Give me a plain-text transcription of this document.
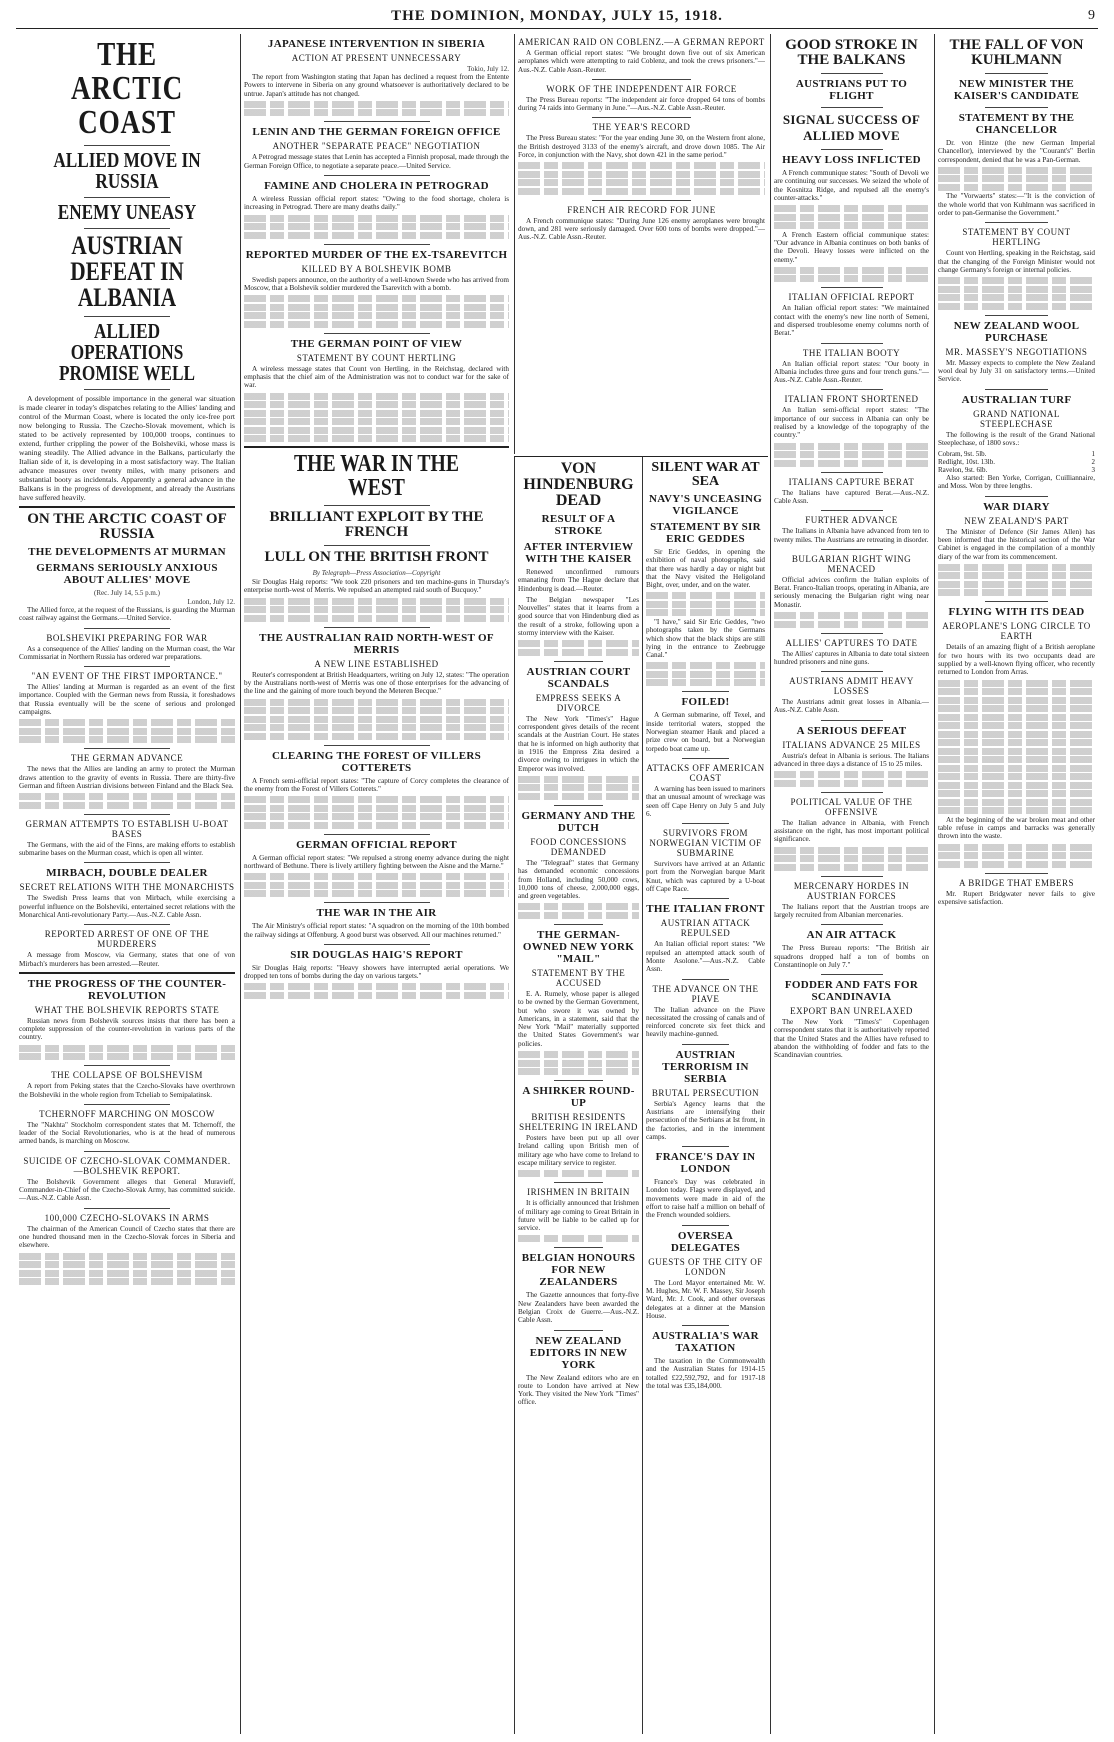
THE DOMINION, MONDAY, JULY 15, 1918.	9
THE ARCTIC COAST
ALLIED MOVE IN RUSSIA
ENEMY UNEASY
AUSTRIAN DEFEAT IN ALBANIA
ALLIED OPERATIONS PROMISE WELL

A development of possible importance in the general war situation is made clearer in today's dispatches relating to the Allies' landing and control of the Murman Coast, where is located the only ice-free port now belonging to Russia. The Czecho-Slovak movement, which is stated to be actively represented by 100,000 troops, continues to extend, further crippling the power of the Bolsheviki, whose mass is waning steadily. The Allied advance in the Balkans, particularly the Italian side of it, is developing in a most satisfactory way. The Italian advance measures over twenty miles, with many prisoners and substantial booty as incidentals. Apparently a general advance in the Balkans is in the progress of development, and already the Austrians have suffered heavily.

ON THE ARCTIC COAST OF RUSSIA
THE DEVELOPMENTS AT MURMAN
GERMANS SERIOUSLY ANXIOUS ABOUT ALLIES' MOVE
(Rec. July 14, 5.5 p.m.)
London, July 12.

The Allied force, at the request of the Russians, is guarding the Murman coast railway against the Germans.—United Service.

BOLSHEVIKI PREPARING FOR WAR

As a consequence of the Allies' landing on the Murman coast, the War Commissariat in Northern Russia has ordered war preparations.

"AN EVENT OF THE FIRST IMPORTANCE."

The Allies' landing at Murman is regarded as an event of the first importance. Coupled with the German news from Russia, it foreshadows that Russia eventually will be the scene of serious and prolonged campaigns.

THE GERMAN ADVANCE

The news that the Allies are landing an army to protect the Murman draws attention to the gravity of events in Russia. There are thirty-five German and fifteen Austrian divisions between Finland and the Black Sea.

GERMAN ATTEMPTS TO ESTABLISH U-BOAT BASES

The Germans, with the aid of the Finns, are making efforts to establish submarine bases on the Murman coast, which is open all winter.

MIRBACH, DOUBLE DEALER
SECRET RELATIONS WITH THE MONARCHISTS

The Swedish Press learns that von Mirbach, while exercising a powerful influence on the Bolsheviki, entertained secret relations with the Monarchical Anti-revolutionary Party.—Aus.-N.Z. Cable Assn.

REPORTED ARREST OF ONE OF THE MURDERERS

A message from Moscow, via Germany, states that one of von Mirbach's murderers has been arrested.—Reuter.

THE PROGRESS OF THE COUNTER-REVOLUTION
WHAT THE BOLSHEVIK REPORTS STATE

Russian news from Bolshevik sources insists that there has been a complete suppression of the counter-revolution in various parts of the country.

THE COLLAPSE OF BOLSHEVISM

A report from Peking states that the Czecho-Slovaks have overthrown the Bolsheviki in the whole region from Tcheliab to Semipalatinsk.

TCHERNOFF MARCHING ON MOSCOW

The "Nakhta" Stockholm correspondent states that M. Tchernoff, the leader of the Social Revolutionaries, who is at the head of numerous armed bands, is marching on Moscow.

SUICIDE OF CZECHO-SLOVAK COMMANDER.—BOLSHEVIK REPORT.

The Bolshevik Government alleges that General Muravieff, Commander-in-Chief of the Czecho-Slovak Army, has committed suicide.—Aus.-N.Z. Cable Assn.

100,000 CZECHO-SLOVAKS IN ARMS

The chairman of the American Council of Czecho states that there are one hundred thousand men in the Czecho-Slovak forces in Siberia and elsewhere.

JAPANESE INTERVENTION IN SIBERIA
ACTION AT PRESENT UNNECESSARY
Tokio, July 12.

The report from Washington stating that Japan has declined a request from the Entente Powers to intervene in Siberia on any ground whatsoever is authoritatively declared to be untrue. Japan's attitude has not changed.

LENIN AND THE GERMAN FOREIGN OFFICE
ANOTHER "SEPARATE PEACE" NEGOTIATION

A Petrograd message states that Lenin has accepted a Finnish proposal, made through the German Foreign Office, to negotiate a separate peace.—United Service.

FAMINE AND CHOLERA IN PETROGRAD

A wireless Russian official report states: "Owing to the food shortage, cholera is increasing in Petrograd. There are many deaths daily."

REPORTED MURDER OF THE EX-TSAREVITCH
KILLED BY A BOLSHEVIK BOMB

Swedish papers announce, on the authority of a well-known Swede who has arrived from Moscow, that a Bolshevik soldier murdered the Tsarevitch with a bomb.

THE GERMAN POINT OF VIEW
STATEMENT BY COUNT HERTLING

A wireless message states that Count von Hertling, in the Reichstag, declared with emphasis that the chief aim of the Administration was not to conduct war for the sake of war.

THE WAR IN THE WEST
BRILLIANT EXPLOIT BY THE FRENCH
LULL ON THE BRITISH FRONT
By Telegraph—Press Association—Copyright

Sir Douglas Haig reports: "We took 220 prisoners and ten machine-guns in Thursday's enterprise north-west of Merris. We repulsed an attempted raid south of Bucquoy."

THE AUSTRALIAN RAID NORTH-WEST OF MERRIS
A NEW LINE ESTABLISHED

Reuter's correspondent at British Headquarters, writing on July 12, states: "The operation by the Australians north-west of Merris was one of those enterprises for the advancing of the line and the gaining of more touch beyond the Meteren Becque."

CLEARING THE FOREST OF VILLERS COTTERETS

A French semi-official report states: "The capture of Corcy completes the clearance of the enemy from the Forest of Villers Cotterets."

GERMAN OFFICIAL REPORT

A German official report states: "We repulsed a strong enemy advance during the night northward of Bethune. There is lively artillery fighting between the Aisne and the Marne."

THE WAR IN THE AIR

The Air Ministry's official report states: "A squadron on the morning of the 10th bombed the railway sidings at Offenburg. A good burst was observed. All our machines returned."

SIR DOUGLAS HAIG'S REPORT

Sir Douglas Haig reports: "Heavy showers have interrupted aerial operations. We dropped ten tons of bombs during the day on various targets."

AMERICAN RAID ON COBLENZ.—A GERMAN REPORT

A German official report states: "We brought down five out of six American aeroplanes which were attempting to raid Coblenz, and took the crews prisoners."—Aus.-N.Z. Cable Assn.-Reuter.

WORK OF THE INDEPENDENT AIR FORCE

The Press Bureau reports: "The independent air force dropped 64 tons of bombs during 74 raids into Germany in June."—Aus.-N.Z. Cable Assn.-Reuter.

THE YEAR'S RECORD

The Press Bureau states: "For the year ending June 30, on the Western front alone, the British destroyed 3133 of the enemy's aircraft, and drove down 1085. The Air Force, in conjunction with the Navy, shot down 421 in the same period."

FRENCH AIR RECORD FOR JUNE

A French communique states: "During June 126 enemy aeroplanes were brought down, and 281 were seriously damaged. Over 600 tons of bombs were dropped."—Aus.-N.Z. Cable Assn.-Reuter.

VON HINDENBURG DEAD
RESULT OF A STROKE
AFTER INTERVIEW WITH THE KAISER

Renewed unconfirmed rumours emanating from The Hague declare that Hindenburg is dead.—Reuter.

The Belgian newspaper "Les Nouvelles" states that it learns from a good source that von Hindenburg died as the result of a stroke, following upon a stormy interview with the Kaiser.

AUSTRIAN COURT SCANDALS
EMPRESS SEEKS A DIVORCE

The New York "Times's" Hague correspondent gives details of the recent scandals at the Austrian Court. He states that he is informed on high authority that in 1916 the Empress Zita desired a divorce owing to intrigues in which the Emperor was involved.

GERMANY AND THE DUTCH
FOOD CONCESSIONS DEMANDED

The "Telegraaf" states that Germany has demanded economic concessions from Holland, including 50,000 cows, 10,000 tons of cheese, 2,000,000 eggs, and green vegetables.

THE GERMAN-OWNED NEW YORK "MAIL"
STATEMENT BY THE ACCUSED

E. A. Rumely, whose paper is alleged to be owned by the German Government, but who swore it was owned by Americans, in a statement, said that the New York "Mail" materially supported the United States Government's war policies.

A SHIRKER ROUND-UP
BRITISH RESIDENTS SHELTERING IN IRELAND

Posters have been put up all over Ireland calling upon British men of military age who have come to Ireland to escape military service to register.

IRISHMEN IN BRITAIN

It is officially announced that Irishmen of military age coming to Great Britain in future will be liable to be called up for service.

BELGIAN HONOURS FOR NEW ZEALANDERS

The Gazette announces that forty-five New Zealanders have been awarded the Belgian Croix de Guerre.—Aus.-N.Z. Cable Assn.

NEW ZEALAND EDITORS IN NEW YORK

The New Zealand editors who are en route to London have arrived at New York. They visited the New York "Times" office.

SILENT WAR AT SEA
NAVY'S UNCEASING VIGILANCE
STATEMENT BY SIR ERIC GEDDES

Sir Eric Geddes, in opening the exhibition of naval photographs, said that there was hardly a day or night but that the Navy visited the Heligoland Bight, over, under, and on the water.

"I have," said Sir Eric Geddes, "two photographs taken by the Germans which show that the black ships are still lying in the entrance to Zeebrugge Canal."

FOILED!

A German submarine, off Texel, and inside territorial waters, stopped the Norwegian steamer Hauk and placed a prize crew on board, but a Norwegian torpedo boat came up.

ATTACKS OFF AMERICAN COAST

A warning has been issued to mariners that an unusual amount of wreckage was seen off Cape Henry on July 5 and July 6.

SURVIVORS FROM NORWEGIAN VICTIM OF SUBMARINE

Survivors have arrived at an Atlantic port from the Norwegian barque Marit Knut, which was captured by a U-boat off Cape Race.

THE ITALIAN FRONT
AUSTRIAN ATTACK REPULSED

An Italian official report states: "We repulsed an attempted attack south of Monte Asolone."—Aus.-N.Z. Cable Assn.

THE ADVANCE ON THE PIAVE

The Italian advance on the Piave necessitated the crossing of canals and of reinforced concrete six feet thick and heavily machine-gunned.

AUSTRIAN TERRORISM IN SERBIA
BRUTAL PERSECUTION

Serbia's Agency learns that the Austrians are intensifying their persecution of the Serbians at Ist front, in the factories, and in the internment camps.

FRANCE'S DAY IN LONDON

France's Day was celebrated in London today. Flags were displayed, and movements were made in aid of the effort to raise half a million on behalf of the French wounded soldiers.

OVERSEA DELEGATES
GUESTS OF THE CITY OF LONDON

The Lord Mayor entertained Mr. W. M. Hughes, Mr. W. F. Massey, Sir Joseph Ward, Mr. J. Cook, and other overseas delegates at a dinner at the Mansion House.

AUSTRALIA'S WAR TAXATION

The taxation in the Commonwealth and the Australian States for 1914-15 totalled £22,592,792, and for 1917-18 the total was £35,184,000.

GOOD STROKE IN THE BALKANS
AUSTRIANS PUT TO FLIGHT
SIGNAL SUCCESS OF ALLIED MOVE
HEAVY LOSS INFLICTED

A French communique states: "South of Devoli we are continuing our successes. We seized the whole of the Kosnitza Ridge, and repulsed all the enemy's counter-attacks."

A French Eastern official communique states: "Our advance in Albania continues on both banks of the Devoli. Heavy losses were inflicted on the enemy."

ITALIAN OFFICIAL REPORT

An Italian official report states: "We maintained contact with the enemy's new line north of Semeni, and dispersed troublesome enemy columns north of Berat."

THE ITALIAN BOOTY

An Italian official report states: "Our booty in Albania includes three guns and four trench guns."—Aus.-N.Z. Cable Assn.-Reuter.

ITALIAN FRONT SHORTENED

An Italian semi-official report states: "The importance of our success in Albania can only be realised by a knowledge of the topography of the country."

ITALIANS CAPTURE BERAT

The Italians have captured Berat.—Aus.-N.Z. Cable Assn.

FURTHER ADVANCE

The Italians in Albania have advanced from ten to twenty miles. The Austrians are retreating in disorder.

BULGARIAN RIGHT WING MENACED

Official advices confirm the Italian exploits of Berat. Franco-Italian troops, operating in Albania, are seriously menacing the Bulgarian right wing near Monastir.

ALLIES' CAPTURES TO DATE

The Allies' captures in Albania to date total sixteen hundred prisoners and nine guns.

AUSTRIANS ADMIT HEAVY LOSSES

The Austrians admit great losses in Albania.—Aus.-N.Z. Cable Assn.

A SERIOUS DEFEAT
ITALIANS ADVANCE 25 MILES

Austria's defeat in Albania is serious. The Italians advanced in three days a distance of 15 to 25 miles.

POLITICAL VALUE OF THE OFFENSIVE

The Italian advance in Albania, with French assistance on the right, has most important political significance.

MERCENARY HORDES IN AUSTRIAN FORCES

The Italians report that the Austrian troops are largely recruited from Albanian mercenaries.

AN AIR ATTACK

The Press Bureau reports: "The British air squadrons dropped half a ton of bombs on Constantinople on July 7."

FODDER AND FATS FOR SCANDINAVIA
EXPORT BAN UNRELAXED

The New York "Times's" Copenhagen correspondent states that it is authoritatively reported that the United States and the Allies have refused to abandon the withholding of fodder and fats to the Scandinavian countries.

THE FALL OF VON KUHLMANN
NEW MINISTER THE KAISER'S CANDIDATE
STATEMENT BY THE CHANCELLOR

Dr. von Hintze (the new German Imperial Chancellor), interviewed by the "Courant's" Berlin correspondent, denied that he was a Pan-German.

The "Vorwaerts" states:—"It is the conviction of the whole world that von Kuhlmann was sacrificed in order to pan-Germanise the Government."

STATEMENT BY COUNT HERTLING

Count von Hertling, speaking in the Reichstag, said that the changing of the Foreign Minister would not change Germany's foreign or internal policies.

NEW ZEALAND WOOL PURCHASE
MR. MASSEY'S NEGOTIATIONS

Mr. Massey expects to complete the New Zealand wool deal by July 31 on satisfactory terms.—United Service.

AUSTRALIAN TURF
GRAND NATIONAL STEEPLECHASE

The following is the result of the Grand National Steeplechase, of 1800 sovs.:

Cobram, 9st. 5lb.	1
Redlight, 10st. 13lb.	2
Ravelon, 9st. 6lb.	3

Also started: Ben Yorke, Corrigan, Cuilliannaire, and Moss. Won by three lengths.

WAR DIARY
NEW ZEALAND'S PART

The Minister of Defence (Sir James Allen) has been informed that the historical section of the War Cabinet is engaged in the compilation of a monthly diary of the war from its commencement.

FLYING WITH ITS DEAD
AEROPLANE'S LONG CIRCLE TO EARTH

Details of an amazing flight of a British aeroplane for two hours with its two occupants dead are supplied by a well-known flying officer, who recently returned to London from Arras.

At the beginning of the war broken meat and other table refuse in camps and barracks was generally thrown into the waste.

A BRIDGE THAT EMBERS

Mr. Rupert Bridgwater never fails to give expensive satisfaction.
